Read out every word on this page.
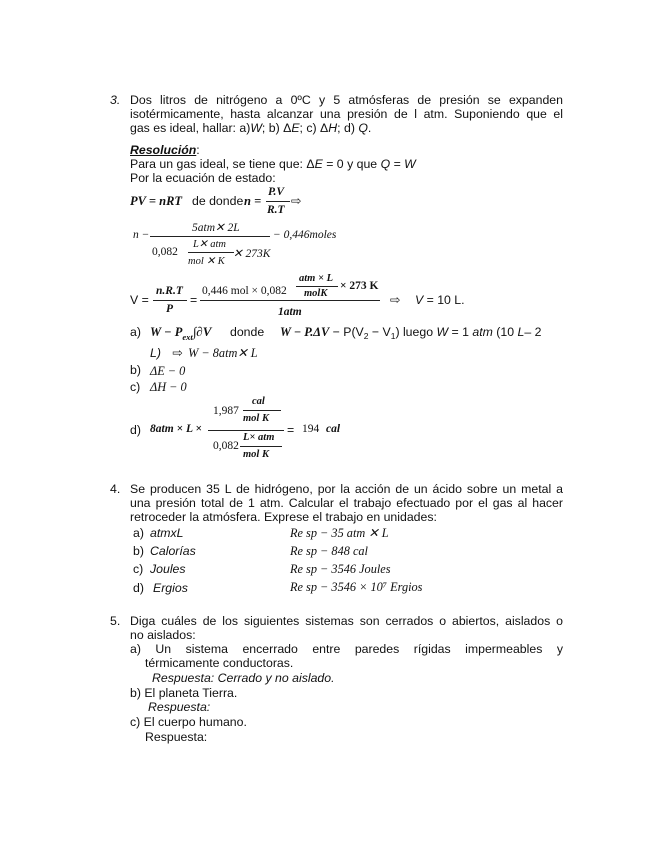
3. Dos litros de nitrógeno a 0ºC y 5 atmósferas de presión se expanden
isotérmicamente, hasta alcanzar una presión de l atm. Suponiendo que el
gas es ideal, hallar: a)W; b) ΔE; c) ΔH; d) Q.
Resolución:
Para un gas ideal, se tiene que: ΔE = 0 y que Q = W
Por la ecuación de estado:
PV = nRT de donde n =
P.V
R.T
⇨
n −
5atm✕ 2L
0,082
L✕ atm
mol ✕ K
✕ 273K
− 0,446moles
V =
n.R.T
P
=
0,446 mol × 0,082
atm × L
molK
× 273 K
1atm
⇨ V = 10 L.
a) $W - P_{ext}\int\partial V$ donde $W - P.\Delta V - P(V_2 - V_1)$ luego W = 1 atm (10 L– 2
L) ⇨ W − 8atm✕ L
b) ΔE − 0
c) ΔH − 0
d) 8atm × L ×
1,987
cal
mol K
0,082
L× atm
mol K
= 194 cal
4. Se producen 35 L de hidrógeno, por la acción de un ácido sobre un metal a
una presión total de 1 atm. Calcular el trabajo efectuado por el gas al hacer
retroceder la atmósfera. Exprese el trabajo en unidades:
a) atmxL	Re sp − 35 atm ✕ L
b) Calorías	Re sp − 848 cal
c) Joules	Re sp − 3546 Joules
d) Ergios	Re sp − 3546 × 10⁷ Ergios
5. Diga cuáles de los siguientes sistemas son cerrados o abiertos, aislados o
no aislados:
a) Un sistema encerrado entre paredes rígidas impermeables y
térmicamente conductoras.
Respuesta: Cerrado y no aislado.
b) El planeta Tierra.
Respuesta:
c) El cuerpo humano.
Respuesta:
